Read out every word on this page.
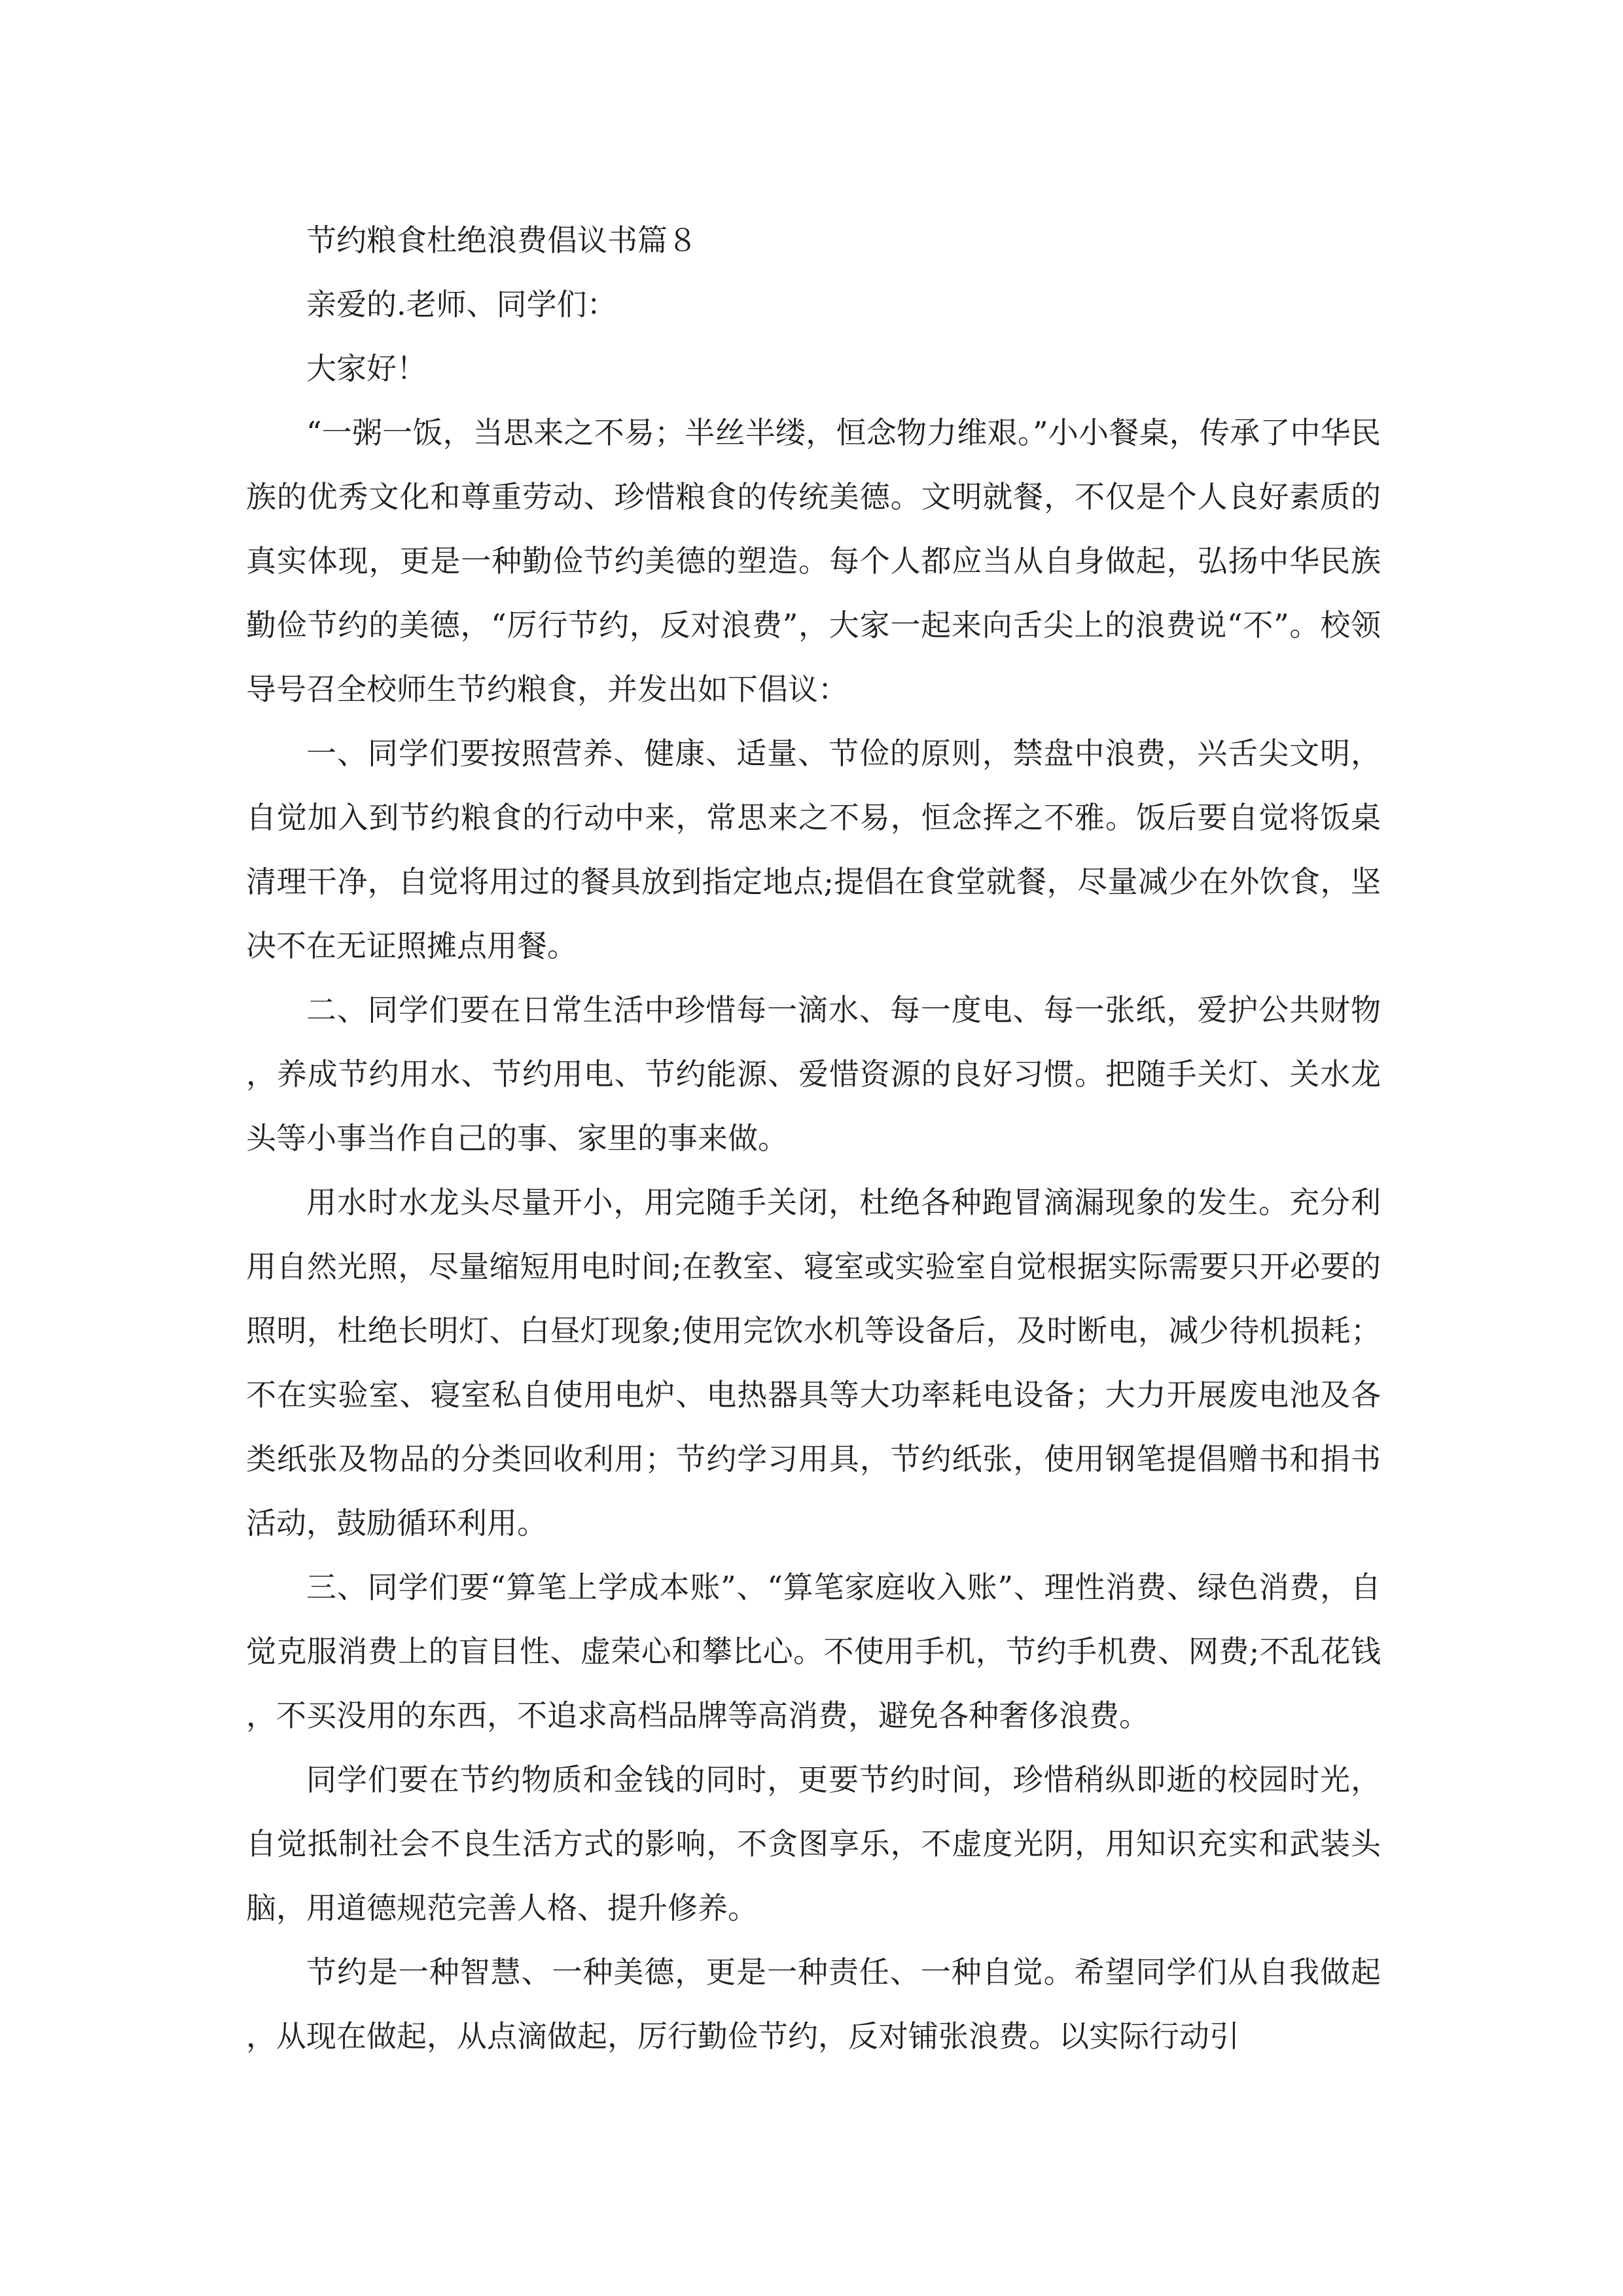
节约粮食杜绝浪费倡议书篇８

亲爱的.老师、同学们：

大家好！

“一粥一饭，当思来之不易；半丝半缕，恒念物力维艰。”小小餐桌，传承了中华民族的优秀文化和尊重劳动、珍惜粮食的传统美德。文明就餐，不仅是个人良好素质的真实体现，更是一种勤俭节约美德的塑造。每个人都应当从自身做起，弘扬中华民族勤俭节约的美德，“厉行节约，反对浪费”，大家一起来向舌尖上的浪费说“不”。校领导号召全校师生节约粮食，并发出如下倡议：

一、同学们要按照营养、健康、适量、节俭的原则，禁盘中浪费，兴舌尖文明，自觉加入到节约粮食的行动中来，常思来之不易，恒念挥之不雅。饭后要自觉将饭桌清理干净，自觉将用过的餐具放到指定地点;提倡在食堂就餐，尽量减少在外饮食，坚决不在无证照摊点用餐。

二、同学们要在日常生活中珍惜每一滴水、每一度电、每一张纸，爱护公共财物，养成节约用水、节约用电、节约能源、爱惜资源的良好习惯。把随手关灯、关水龙头等小事当作自己的事、家里的事来做。

用水时水龙头尽量开小，用完随手关闭，杜绝各种跑冒滴漏现象的发生。充分利用自然光照，尽量缩短用电时间;在教室、寝室或实验室自觉根据实际需要只开必要的照明，杜绝长明灯、白昼灯现象;使用完饮水机等设备后，及时断电，减少待机损耗；不在实验室、寝室私自使用电炉、电热器具等大功率耗电设备；大力开展废电池及各类纸张及物品的分类回收利用；节约学习用具，节约纸张，使用钢笔提倡赠书和捐书活动，鼓励循环利用。

三、同学们要“算笔上学成本账”、“算笔家庭收入账”、理性消费、绿色消费，自觉克服消费上的盲目性、虚荣心和攀比心。不使用手机，节约手机费、网费;不乱花钱，不买没用的东西，不追求高档品牌等高消费，避免各种奢侈浪费。

同学们要在节约物质和金钱的同时，更要节约时间，珍惜稍纵即逝的校园时光，自觉抵制社会不良生活方式的影响，不贪图享乐，不虚度光阴，用知识充实和武装头脑，用道德规范完善人格、提升修养。

节约是一种智慧、一种美德，更是一种责任、一种自觉。希望同学们从自我做起，从现在做起，从点滴做起，厉行勤俭节约，反对铺张浪费。以实际行动引
